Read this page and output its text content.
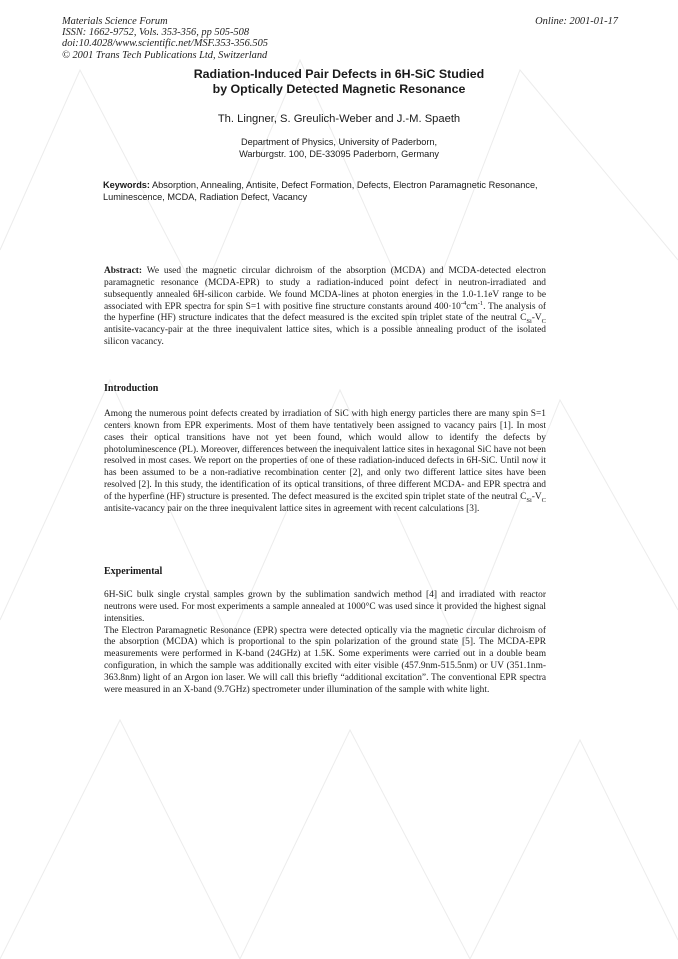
Materials Science Forum
ISSN: 1662-9752, Vols. 353-356, pp 505-508
doi:10.4028/www.scientific.net/MSF.353-356.505
© 2001 Trans Tech Publications Ltd, Switzerland
Online: 2001-01-17
Radiation-Induced Pair Defects in 6H-SiC Studied
by Optically Detected Magnetic Resonance
Th. Lingner, S. Greulich-Weber and J.-M. Spaeth
Department of Physics, University of Paderborn,
Warburgstr. 100, DE-33095 Paderborn, Germany
Keywords: Absorption, Annealing, Antisite, Defect Formation, Defects, Electron Paramagnetic Resonance, Luminescence, MCDA, Radiation Defect, Vacancy

Abstract: We used the magnetic circular dichroism of the absorption (MCDA) and MCDA-detected electron paramagnetic resonance (MCDA-EPR) to study a radiation-induced point defect in neutron-irradiated and subsequently annealed 6H-silicon carbide. We found MCDA-lines at photon energies in the 1.0-1.1eV range to be associated with EPR spectra for spin S=1 with positive fine structure constants around $400\cdot 10^{-4}cm^{-1}$. The analysis of the hyperfine (HF) structure indicates that the defect measured is the excited spin triplet state of the neutral $C_{Si}-V_C$ antisite-vacancy-pair at the three inequivalent lattice sites, which is a possible annealing product of the isolated silicon vacancy.

Introduction

Among the numerous point defects created by irradiation of SiC with high energy particles there are many spin S=1 centers known from EPR experiments. Most of them have tentatively been assigned to vacancy pairs [1]. In most cases their optical transitions have not yet been found, which would allow to identify the defects by photoluminescence (PL). Moreover, differences between the inequivalent lattice sites in hexagonal SiC have not been resolved in most cases. We report on the properties of one of these radiation-induced defects in 6H-SiC. Until now it has been assumed to be a non-radiative recombination center [2], and only two different lattice sites have been resolved [2]. In this study, the identification of its optical transitions, of three different MCDA- and EPR spectra and of the hyperfine (HF) structure is presented. The defect measured is the excited spin triplet state of the neutral $C_{Si}-V_C$ antisite-vacancy pair on the three inequivalent lattice sites in agreement with recent calculations [3].

Experimental

6H-SiC bulk single crystal samples grown by the sublimation sandwich method [4] and irradiated with reactor neutrons were used. For most experiments a sample annealed at 1000°C was used since it provided the highest signal intensities.

The Electron Paramagnetic Resonance (EPR) spectra were detected optically via the magnetic circular dichroism of the absorption (MCDA) which is proportional to the spin polarization of the ground state [5]. The MCDA-EPR measurements were performed in K-band (24GHz) at 1.5K. Some experiments were carried out in a double beam configuration, in which the sample was additionally excited with eiter visible (457.9nm-515.5nm) or UV (351.1nm-363.8nm) light of an Argon ion laser. We will call this briefly “additional excitation”. The conventional EPR spectra were measured in an X-band (9.7GHz) spectrometer under illumination of the sample with white light.
